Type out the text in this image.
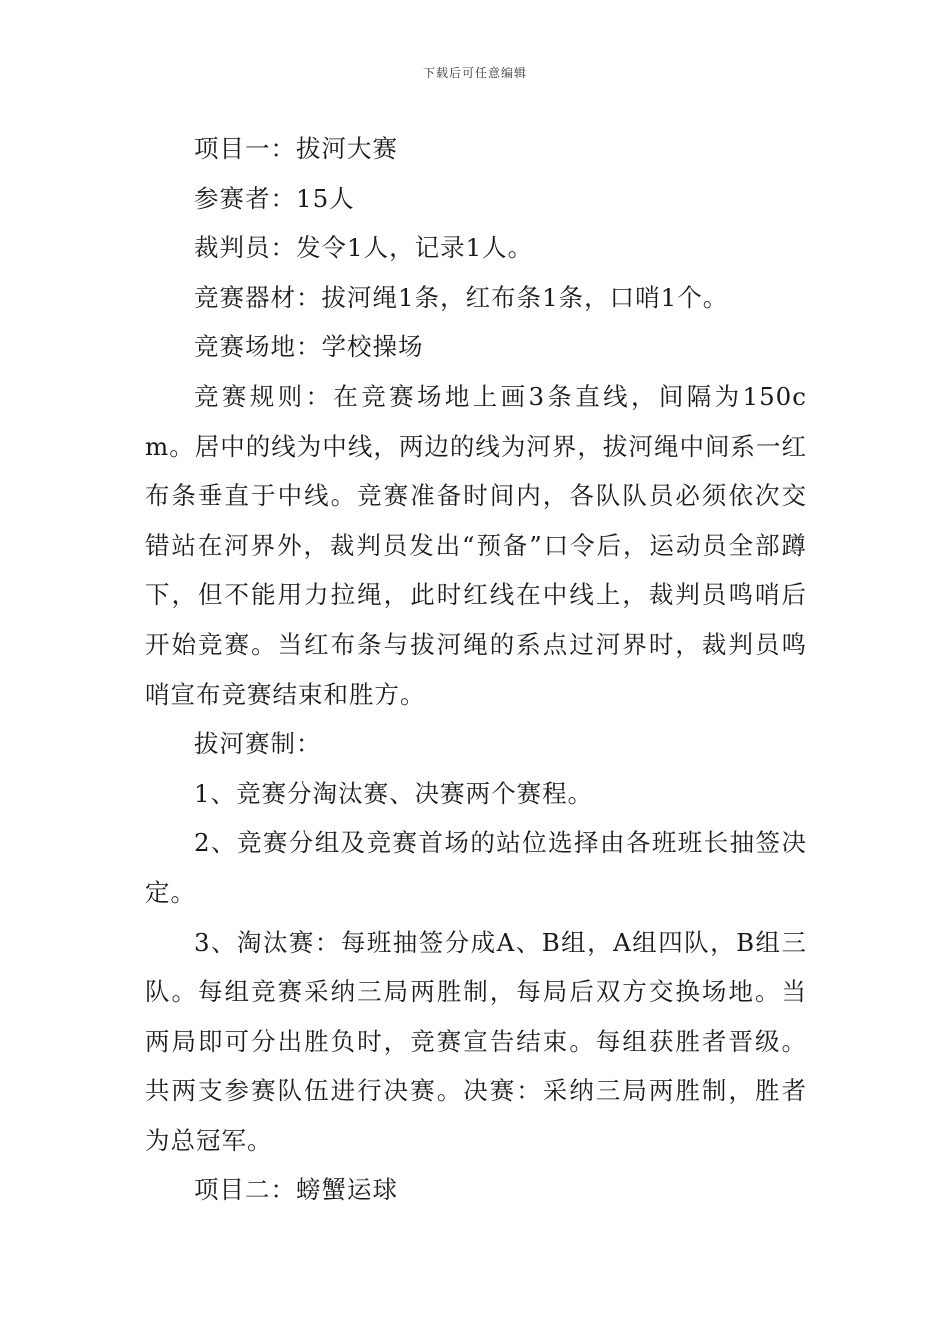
下载后可任意编辑

项目一：拔河大赛

参赛者：15人

裁判员：发令1人，记录1人。

竞赛器材：拔河绳1条，红布条1条，口哨1个。

竞赛场地：学校操场

竞赛规则：在竞赛场地上画3条直线，间隔为150cm。居中的线为中线，两边的线为河界，拔河绳中间系一红布条垂直于中线。竞赛准备时间内，各队队员必须依次交错站在河界外，裁判员发出“预备”口令后，运动员全部蹲下，但不能用力拉绳，此时红线在中线上，裁判员鸣哨后开始竞赛。当红布条与拔河绳的系点过河界时，裁判员鸣哨宣布竞赛结束和胜方。

拔河赛制：

1、竞赛分淘汰赛、决赛两个赛程。

2、竞赛分组及竞赛首场的站位选择由各班班长抽签决定。

3、淘汰赛：每班抽签分成A、B组，A组四队，B组三队。每组竞赛采纳三局两胜制，每局后双方交换场地。当两局即可分出胜负时，竞赛宣告结束。每组获胜者晋级。共两支参赛队伍进行决赛。决赛：采纳三局两胜制，胜者为总冠军。

项目二：螃蟹运球
